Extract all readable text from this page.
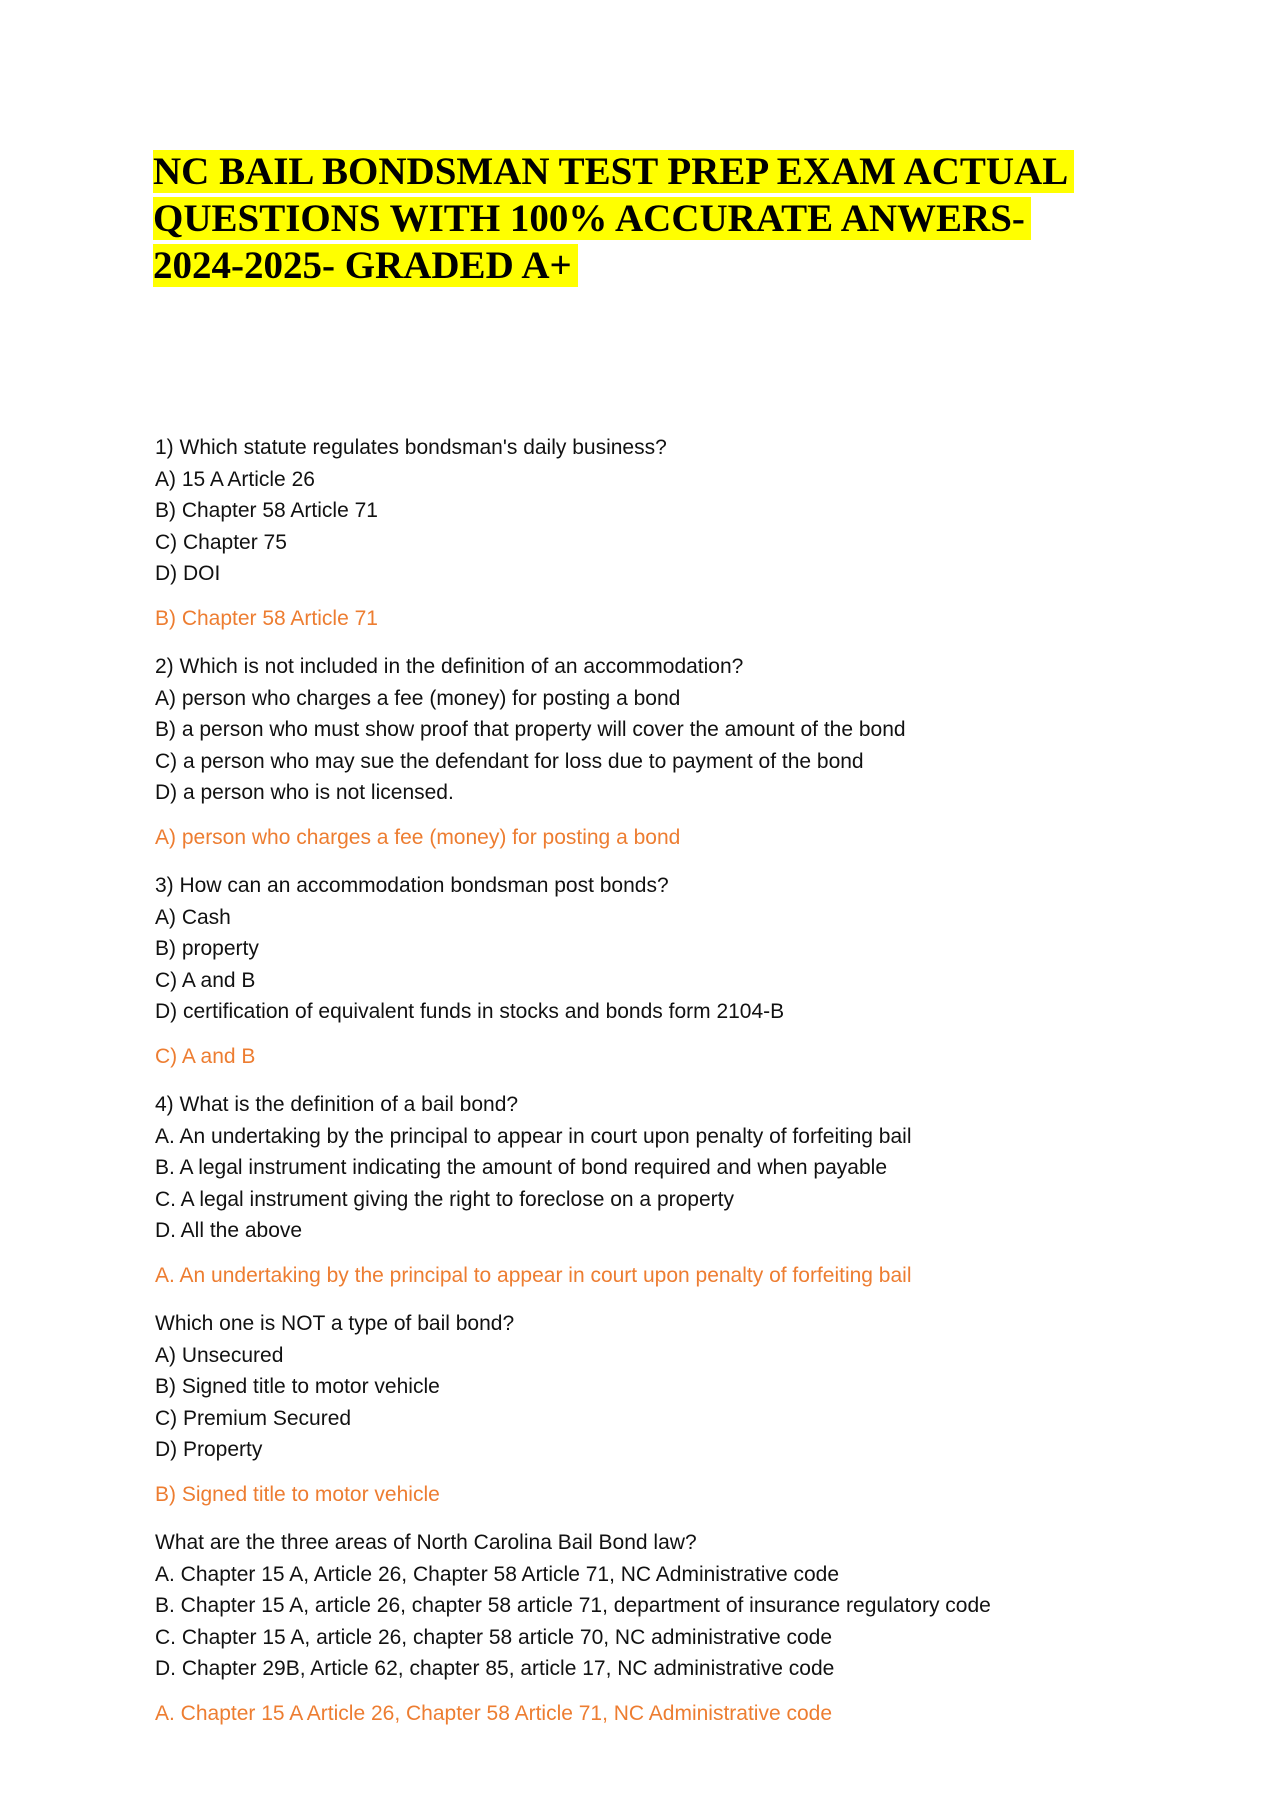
NC BAIL BONDSMAN TEST PREP EXAM ACTUAL
QUESTIONS WITH 100% ACCURATE ANWERS-
2024-2025- GRADED A+
1) Which statute regulates bondsman's daily business?
A) 15 A Article 26
B) Chapter 58 Article 71
C) Chapter 75
D) DOI
B) Chapter 58 Article 71
2) Which is not included in the definition of an accommodation?
A) person who charges a fee (money) for posting a bond
B) a person who must show proof that property will cover the amount of the bond
C) a person who may sue the defendant for loss due to payment of the bond
D) a person who is not licensed.
A) person who charges a fee (money) for posting a bond
3) How can an accommodation bondsman post bonds?
A) Cash
B) property
C) A and B
D) certification of equivalent funds in stocks and bonds form 2104-B
C) A and B
4) What is the definition of a bail bond?
A. An undertaking by the principal to appear in court upon penalty of forfeiting bail
B. A legal instrument indicating the amount of bond required and when payable
C. A legal instrument giving the right to foreclose on a property
D. All the above
A. An undertaking by the principal to appear in court upon penalty of forfeiting bail
Which one is NOT a type of bail bond?
A) Unsecured
B) Signed title to motor vehicle
C) Premium Secured
D) Property
B) Signed title to motor vehicle
What are the three areas of North Carolina Bail Bond law?
A. Chapter 15 A, Article 26, Chapter 58 Article 71, NC Administrative code
B. Chapter 15 A, article 26, chapter 58 article 71, department of insurance regulatory code
C. Chapter 15 A, article 26, chapter 58 article 70, NC administrative code
D. Chapter 29B, Article 62, chapter 85, article 17, NC administrative code
A. Chapter 15 A Article 26, Chapter 58 Article 71, NC Administrative code
